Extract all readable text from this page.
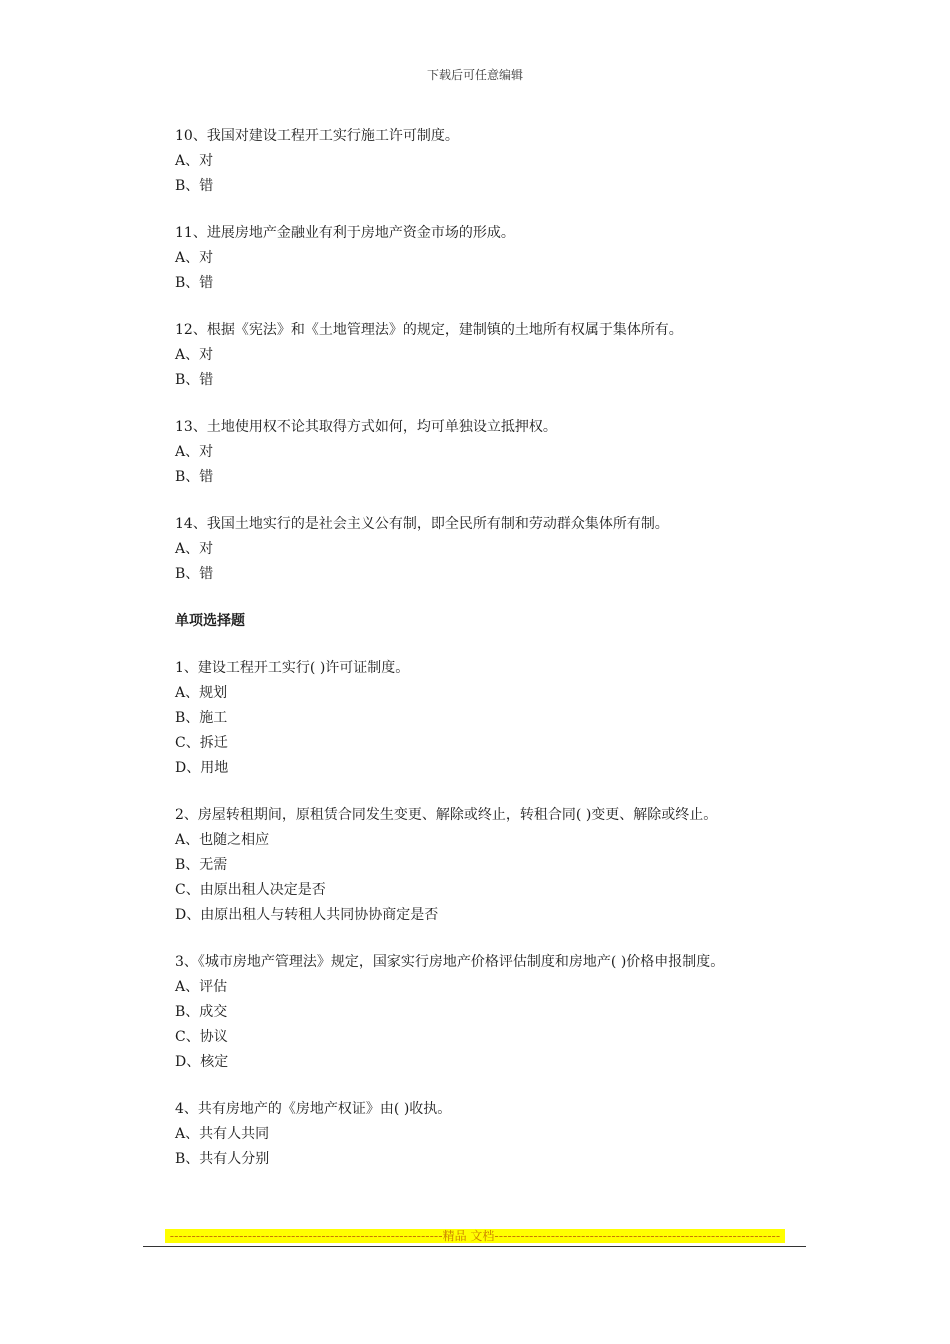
下载后可任意编辑
10、我国对建设工程开工实行施工许可制度。
A、对
B、错
11、进展房地产金融业有利于房地产资金市场的形成。
A、对
B、错
12、根据《宪法》和《土地管理法》的规定，建制镇的土地所有权属于集体所有。
A、对
B、错
13、土地使用权不论其取得方式如何，均可单独设立抵押权。
A、对
B、错
14、我国土地实行的是社会主义公有制，即全民所有制和劳动群众集体所有制。
A、对
B、错
单项选择题
1、建设工程开工实行( )许可证制度。
A、规划
B、施工
C、拆迁
D、用地
2、房屋转租期间，原租赁合同发生变更、解除或终止，转租合同( )变更、解除或终止。
A、也随之相应
B、无需
C、由原出租人决定是否
D、由原出租人与转租人共同协协商定是否
3、《城市房地产管理法》规定，国家实行房地产价格评估制度和房地产( )价格申报制度。
A、评估
B、成交
C、协议
D、核定
4、共有房地产的《房地产权证》由( )收执。
A、共有人共同
B、共有人分别
---------------------------------------------------------------精品 文档------------------------------------------------------------------
